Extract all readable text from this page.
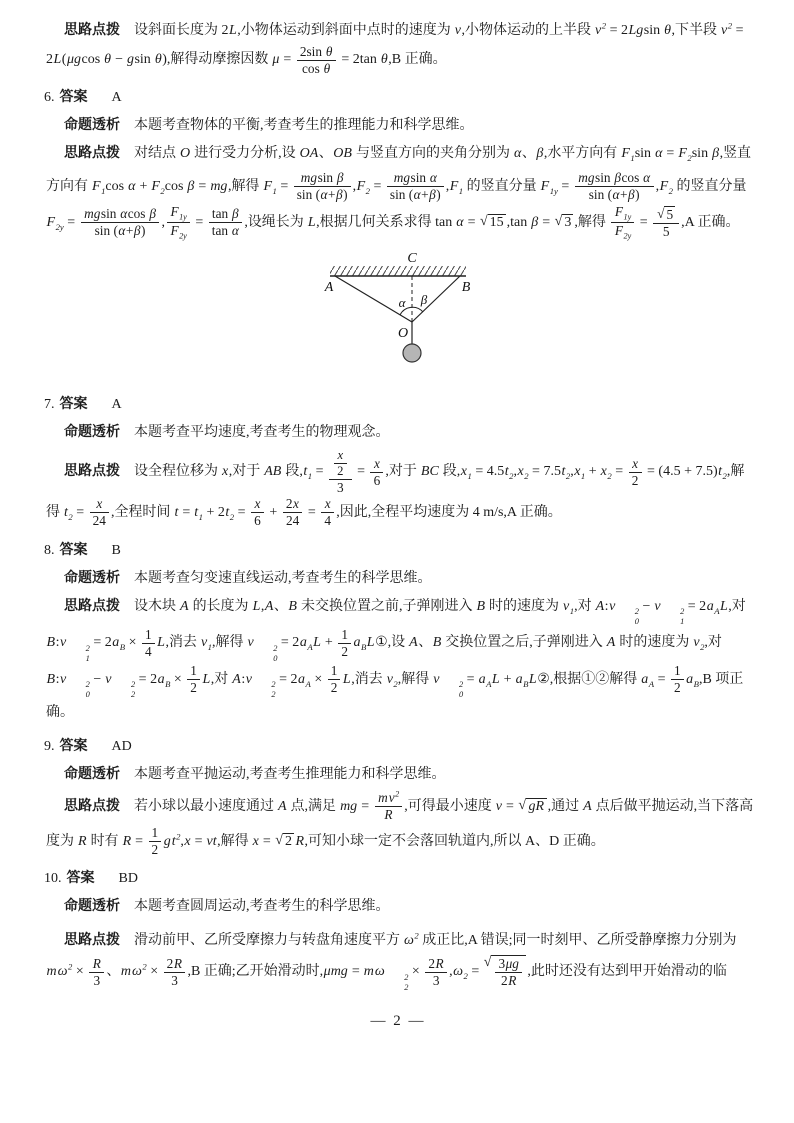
思路点拨 设斜面长度为 2L,小物体运动到斜面中点时的速度为 v,小物体运动的上半段 $v^2 = 2Lgsin$ θ,下半段 $v^2 = 2L(\mu gcos$ θ − gsin θ),解得动摩擦因数 $\mu = \frac{\text{2sin θ}}{\text{cos θ}} = 2\tan$ θ,B 正确。

6. 答案 A

命题透析 本题考查物体的平衡,考查考生的推理能力和科学思维。

思路点拨 对结点 O 进行受力分析,设 OA、OB 与竖直方向的夹角分别为 α、β,水平方向有 $F_1\sin$ $\alpha = F_2\sin$ β,竖直方向有 $F_1\cos$ $\alpha + F_2\cos$ β = mg,解得 $F_1 = \frac{\text{mgsin β}}{\sin (\alpha+\beta)} ,F_2 = \frac{\text{mgsin α}}{\sin (\alpha+\beta)} ,F_1$ 的竖直分量 $F_{1y} = \frac{\text{mgsin βcos α}}{\sin (\alpha+\beta)} ,F_2$ 的竖直分量 $F_{2y} = \frac{\text{mgsin αcos β}}{\sin (\alpha+\beta)}$ , $\frac{F_{1y}}{F_{2y}} = \frac{\text{tan β}}{\text{tan α}}$ ,设绳长为 L,根据几何关系求得 tan α = √ 15 ,tan β = √ 3 ,解得 $\frac{F_{1y}}{F_{2y}} = \frac{√ 5}{5} ,A$ 正确。

C
A	B
O
α β
7. 答案 A

命题透析 本题考查平均速度,考查考生的物理观念。

思路点拨 设全程位移为 x,对于 AB 段$,t_1 = \frac{\frac{x}{2}}{3} = \frac{x}{6}$ ,对于 BC 段$,x_1 = 4.5t_2,x_2 = 7.5t_2,x_1 + x_2 = \frac{x}{2} = (4.5 + 7.5)t_2$,解得 $t_2 = \frac{x}{24}$ ,全程时间 $t = t_1 + 2t_2 = \frac{x}{6} + \frac{2x}{24} = \frac{x}{4}$ ,因此,全程平均速度为 4 m/s,A 正确。

8. 答案 B

命题透析 本题考查匀变速直线运动,考查考生的科学思维。

思路点拨 设木块 A 的长度为 L,A、B 未交换位置之前,子弹刚进入 B 时的速度为 $v_1$,对 A:v	2
0
− v	2
1
= $2a_AL$,对 B:v	2
1
= $2a_B \times \frac{1}{4} L$,消去 $v_1$,解得 v	2
0
= $2a_AL + \frac{1}{2}$ $a_BL①$,设 A、B 交换位置之后,子弹刚进入 A 时的速度为 $v_2$,对 B:v	2
0
− v	2
2
= $2a_B \times \frac{1}{2} L$,对 A:v	2
2
= $2a_A \times \frac{1}{2} L$,消去 $v_2$,解得 v	2
0
= $a_AL$ + $a_BL②$,根据①②解得 $a_A = \frac{1}{2} a_B,B$ 项正确。

9. 答案 AD

命题透析 本题考查平抛运动,考查考生推理能力和科学思维。

思路点拨 若小球以最小速度通过 A 点,满足 mg = $\frac{mv^2}{R}$ ,可得最小速度 v = √ gR ,通过 A 点后做平抛运动,当下落高度为 R 时有 $R = \frac{1}{2} gt^2,x$ = vt,解得 x = √ 2 R,可知小球一定不会落回轨道内,所以 A、D 正确。

10. 答案 BD

命题透析 本题考查圆周运动,考查考生的科学思维。

思路点拨 滑动前甲、乙所受摩擦力与转盘角速度平方 $\omega^2$ 成正比,A 错误;同一时刻甲、乙所受静摩擦力分别为 $m\omega^2 \times \frac{R}{3}$ 、$m\omega^2 \times \frac{2R}{3} ,B$ 正确;乙开始滑动时,μmg = mω	2
2
× $\frac{2R}{3} ,\omega_2$ =
√ $\frac{3\mu g}{2R}$ ,此时还没有达到甲开始滑动的临

— 2 —
